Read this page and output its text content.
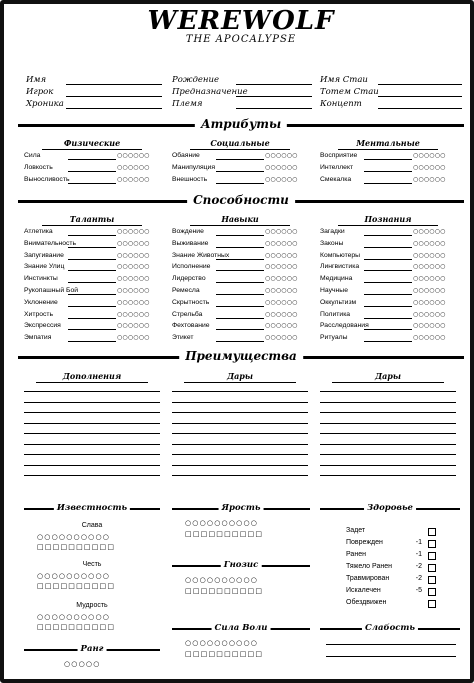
WEREWOLF
THE APOCALYPSE
Имя
Игрок
Хроника
Рождение
Предназначение
Племя
Имя Стаи
Тотем Стаи
Концепт
Атрибуты
Способности
Преимущества
Физические
Сила	○○○○○○
Ловкость	○○○○○○
Выносливость	○○○○○○
Социальные
Обаяние	○○○○○○
Манипуляция	○○○○○○
Внешность	○○○○○○
Ментальные
Восприятие	○○○○○○
Интеллект	○○○○○○
Смекалка	○○○○○○
Таланты
Атлетика	○○○○○○
Внимательность	○○○○○○
Запугивание	○○○○○○
Знание Улиц	○○○○○○
Инстинкты	○○○○○○
Рукопашный Бой	○○○○○○
Уклонение	○○○○○○
Хитрость	○○○○○○
Экспрессия	○○○○○○
Эмпатия	○○○○○○
Навыки
Вождение	○○○○○○
Выживание	○○○○○○
Знание Животных	○○○○○○
Исполнение	○○○○○○
Лидерство	○○○○○○
Ремесла	○○○○○○
Скрытность	○○○○○○
Стрельба	○○○○○○
Фехтование	○○○○○○
Этикет	○○○○○○
Познания
Загадки	○○○○○○
Законы	○○○○○○
Компьютеры	○○○○○○
Лингвистика	○○○○○○
Медицина	○○○○○○
Научные	○○○○○○
Оккультизм	○○○○○○
Политика	○○○○○○
Расследования	○○○○○○
Ритуалы	○○○○○○
Дополнения	Дары	Дары
Известность
Слава
○○○○○○○○○○
□□□□□□□□□□
Честь
○○○○○○○○○○
□□□□□□□□□□
Мудрость
○○○○○○○○○○
□□□□□□□□□□
Ранг
○○○○○
Ярость
○○○○○○○○○○
□□□□□□□□□□
Гнозис
○○○○○○○○○○
□□□□□□□□□□
Сила Воли
○○○○○○○○○○
□□□□□□□□□□
Здоровье
Задет
Поврежден	-1
Ранен	-1
Тяжело Ранен	-2
Травмирован	-2
Искалечен	-5
Обездвижен
Слабость
